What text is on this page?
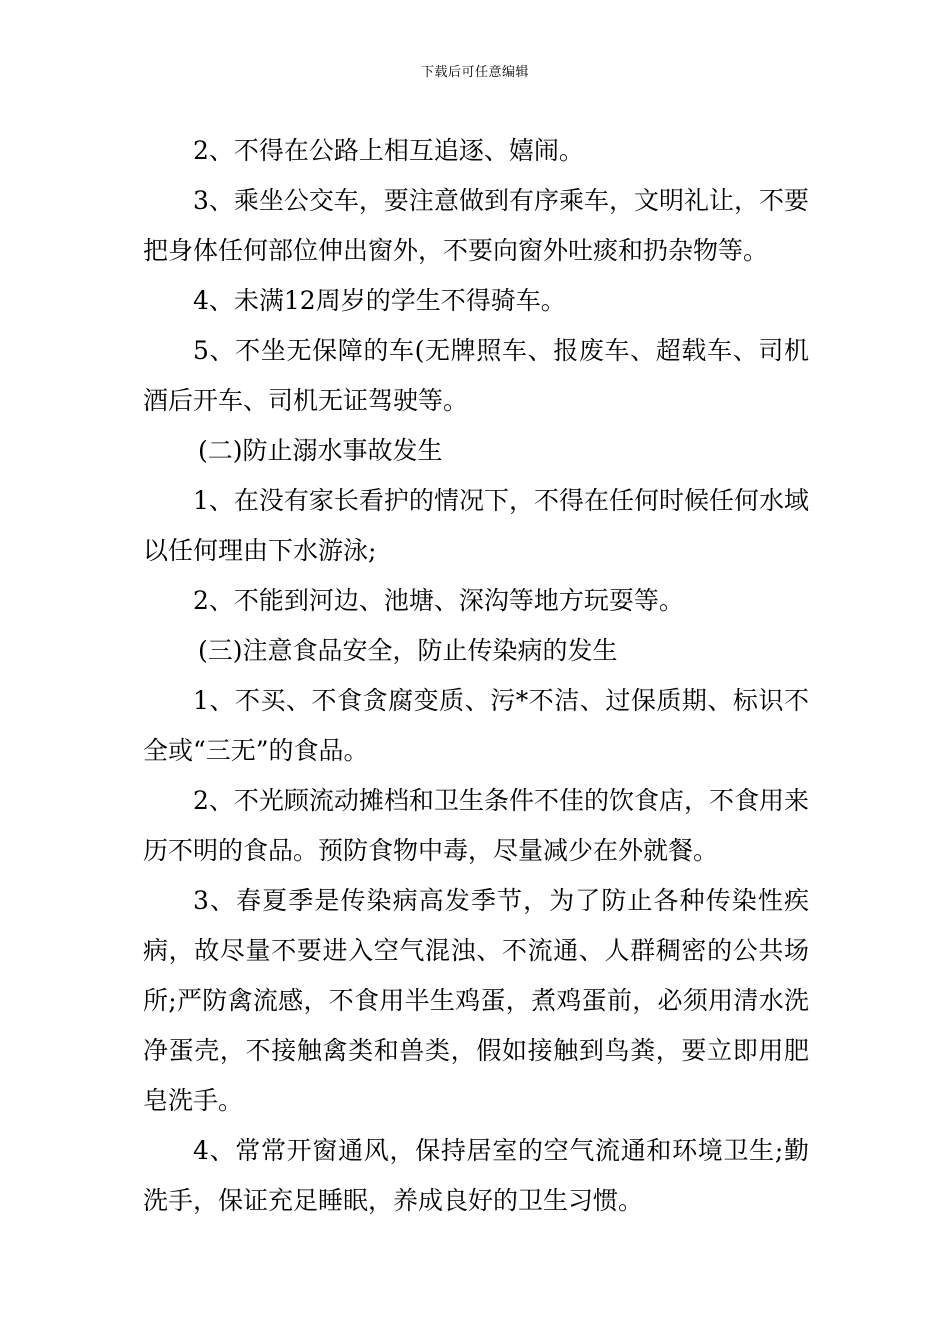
下载后可任意编辑

2、不得在公路上相互追逐、嬉闹。

3、乘坐公交车，要注意做到有序乘车，文明礼让，不要把身体任何部位伸出窗外，不要向窗外吐痰和扔杂物等。

4、未满12周岁的学生不得骑车。

5、不坐无保障的车(无牌照车、报废车、超载车、司机酒后开车、司机无证驾驶等。

(二)防止溺水事故发生

1、在没有家长看护的情况下，不得在任何时候任何水域以任何理由下水游泳;

2、不能到河边、池塘、深沟等地方玩耍等。

(三)注意食品安全，防止传染病的发生

1、不买、不食贪腐变质、污*不洁、过保质期、标识不全或“三无”的食品。

2、不光顾流动摊档和卫生条件不佳的饮食店，不食用来历不明的食品。预防食物中毒，尽量减少在外就餐。

3、春夏季是传染病高发季节，为了防止各种传染性疾病，故尽量不要进入空气混浊、不流通、人群稠密的公共场所;严防禽流感，不食用半生鸡蛋，煮鸡蛋前，必须用清水洗净蛋壳，不接触禽类和兽类，假如接触到鸟粪，要立即用肥皂洗手。

4、常常开窗通风，保持居室的空气流通和环境卫生;勤洗手，保证充足睡眠，养成良好的卫生习惯。
